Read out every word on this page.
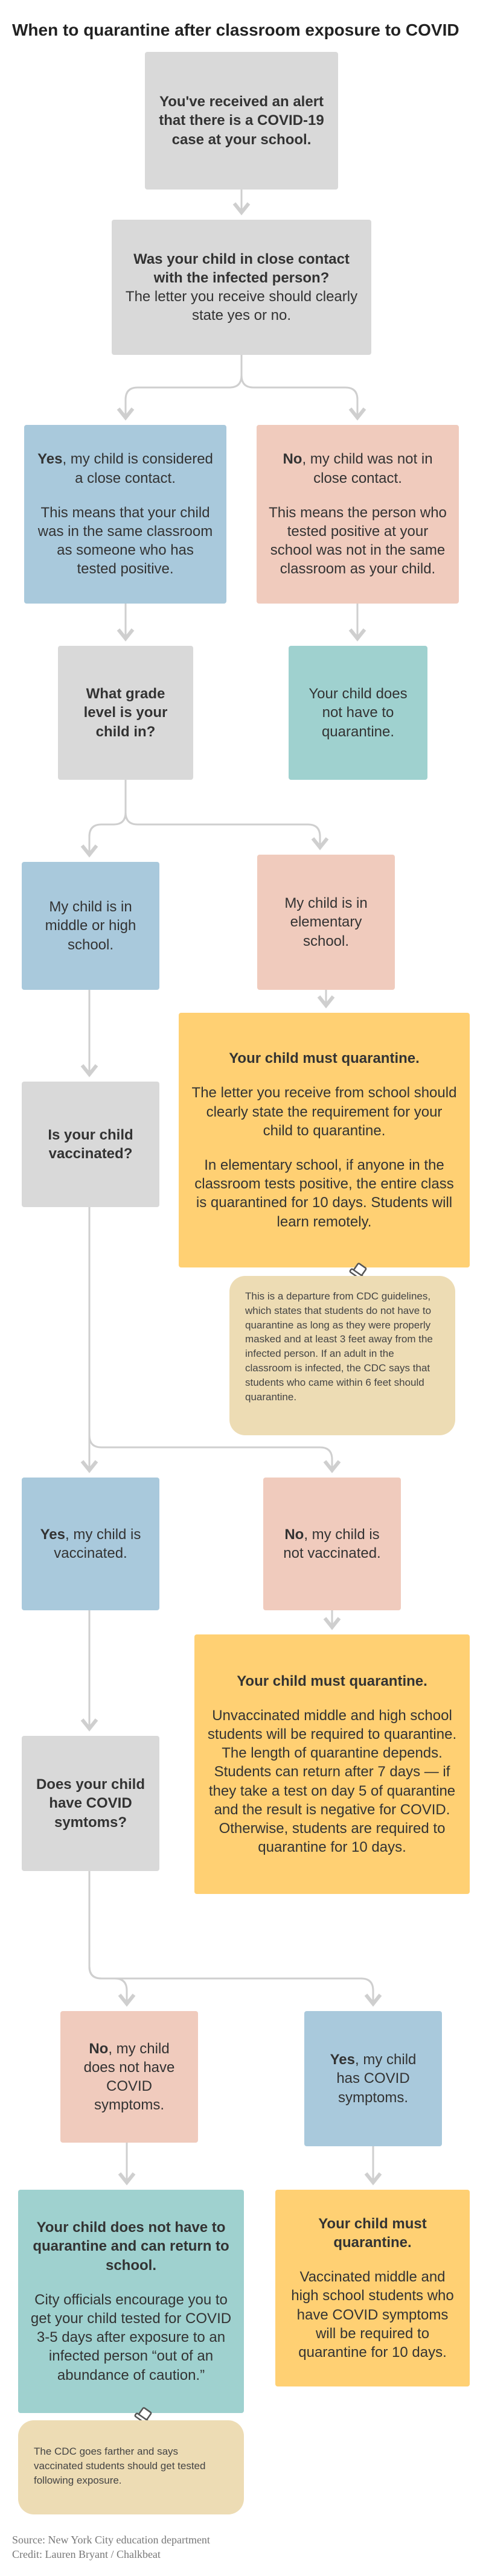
When to quarantine after classroom exposure to COVID

You've received an alert that there is a COVID-19 case at your school.

Was your child in close contact with the infected person?

The letter you receive should clearly state yes or no.

Yes, my child is considered a close contact.

This means that your child was in the same classroom as someone who has tested positive.

No, my child was not in close contact.

This means the person who tested positive at your school was not in the same classroom as your child.

What grade level is your child in?

Your child does not have to quarantine.

My child is in middle or high school.

My child is in elementary school.

Your child must quarantine.

The letter you receive from school should clearly state the requirement for your child to quarantine.

In elementary school, if anyone in the classroom tests positive, the entire class is quarantined for 10 days. Students will learn remotely.

This is a departure from CDC guidelines, which states that students do not have to quarantine as long as they were properly masked and at least 3 feet away from the infected person. If an adult in the classroom is infected, the CDC says that students who came within 6 feet should quarantine.

Is your child vaccinated?

Yes, my child is vaccinated.

No, my child is not vaccinated.

Your child must quarantine.

Unvaccinated middle and high school students will be required to quarantine. The length of quarantine depends. Students can return after 7 days — if they take a test on day 5 of quarantine and the result is negative for COVID. Otherwise, students are required to quarantine for 10 days.

Does your child have COVID symtoms?

No, my child does not have COVID symptoms.

Yes, my child has COVID symptoms.

Your child does not have to quarantine and can return to school.

City officials encourage you to get your child tested for COVID 3-5 days after exposure to an infected person “out of an abundance of caution.”

Your child must quarantine.

Vaccinated middle and high school students who have COVID symptoms will be required to quarantine for 10 days.

The CDC goes farther and says vaccinated students should get tested following exposure.
Source: New York City education department
Credit: Lauren Bryant / Chalkbeat
